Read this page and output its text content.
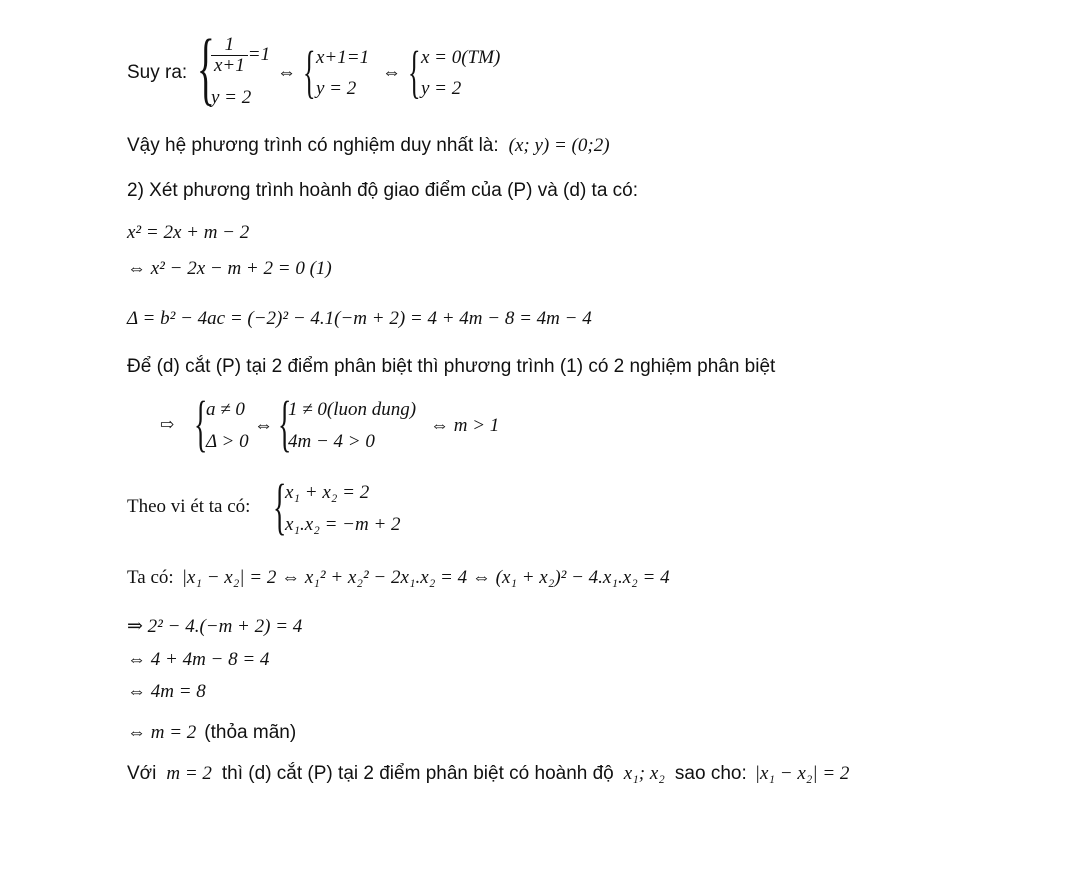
Suy ra: {
$\frac{1}{x+1} =1$
y = 2
⇔ { x+1=1
y = 2
⇔ { x = 0(TM)
y = 2
Vậy hệ phương trình có nghiệm duy nhất là: (x; y) = (0;2)
2) Xét phương trình hoành độ giao điểm của (P) và (d) ta có:
x² = 2x + m − 2
⇔ x² − 2x − m + 2 = 0 (1)
Δ = b² − 4ac = (−2)² − 4.1(−m + 2) = 4 + 4m − 8 = 4m − 4
Để (d) cắt (P) tại 2 điểm phân biệt thì phương trình (1) có 2 nghiệm phân biệt
⇨ {
a ≠ 0
Δ > 0
⇔ {
1 ≠ 0(luon dung)
4m − 4 > 0
⇔ m > 1
Theo vi ét ta có: {
x₁ + x₂ = 2
x₁.x₂ = −m + 2
Ta có: |x₁ − x₂| = 2 ⇔ x₁² + x₂² − 2x₁.x₂ = 4 ⇔ (x₁ + x₂)² − 4.x₁.x₂ = 4
⇒ 2² − 4.(−m + 2) = 4
⇔ 4 + 4m − 8 = 4
⇔ 4m = 8
⇔ m = 2 (thỏa mãn)
Với m = 2 thì (d) cắt (P) tại 2 điểm phân biệt có hoành độ x₁; x₂ sao cho: |x₁ − x₂| = 2
